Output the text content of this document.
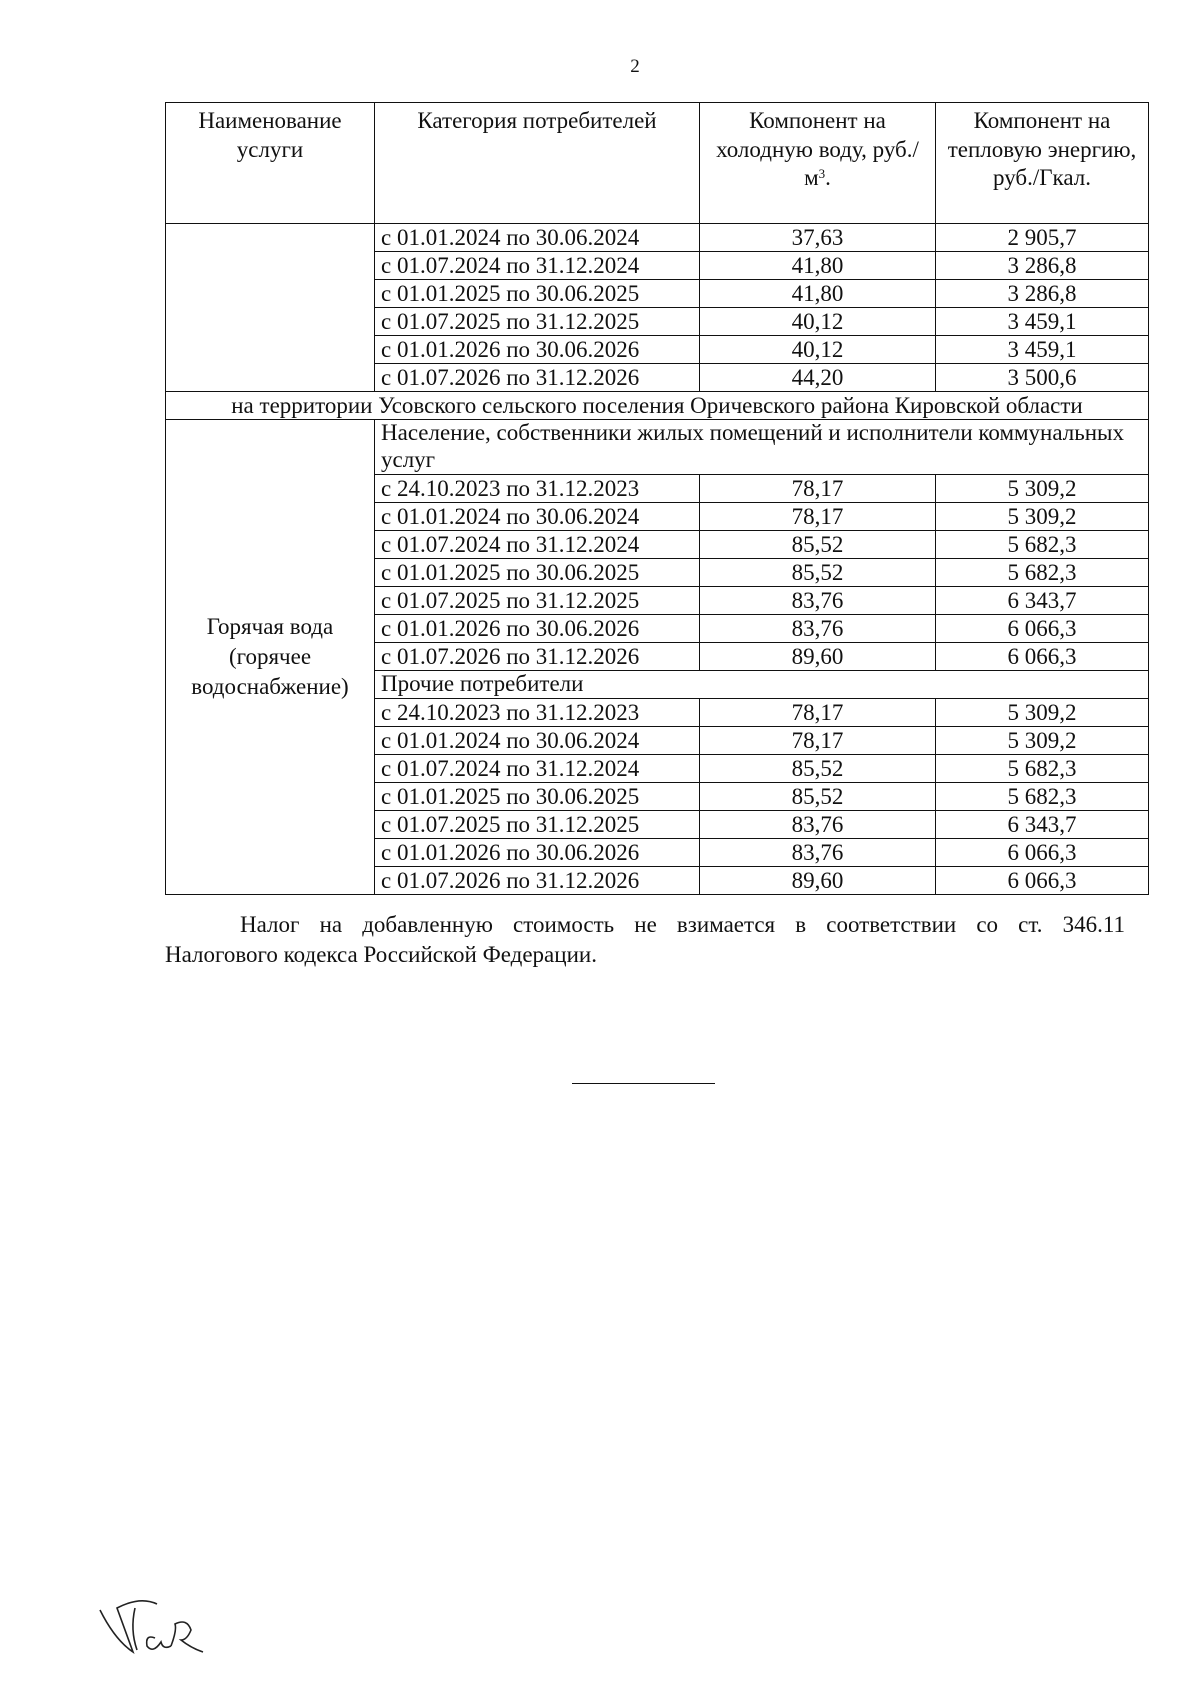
2
Наименование услуги	Категория потребителей	Компонент на холодную воду, $руб./м^3$.	Компонент на тепловую энергию, руб./Гкал.
	с 01.01.2024 по 30.06.2024	37,63	2 905,7
	с 01.07.2024 по 31.12.2024	41,80	3 286,8
	с 01.01.2025 по 30.06.2025	41,80	3 286,8
	с 01.07.2025 по 31.12.2025	40,12	3 459,1
	с 01.01.2026 по 30.06.2026	40,12	3 459,1
	с 01.07.2026 по 31.12.2026	44,20	3 500,6
на территории Усовского сельского поселения Оричевского района Кировской области			
Горячая вода (горячее водоснабжение)	Население, собственники жилых помещений и исполнители коммунальных услуг		
	с 24.10.2023 по 31.12.2023	78,17	5 309,2
	с 01.01.2024 по 30.06.2024	78,17	5 309,2
	с 01.07.2024 по 31.12.2024	85,52	5 682,3
	с 01.01.2025 по 30.06.2025	85,52	5 682,3
	с 01.07.2025 по 31.12.2025	83,76	6 343,7
	с 01.01.2026 по 30.06.2026	83,76	6 066,3
	с 01.07.2026 по 31.12.2026	89,60	6 066,3
	Прочие потребители		
	с 24.10.2023 по 31.12.2023	78,17	5 309,2
	с 01.01.2024 по 30.06.2024	78,17	5 309,2
	с 01.07.2024 по 31.12.2024	85,52	5 682,3
	с 01.01.2025 по 30.06.2025	85,52	5 682,3
	с 01.07.2025 по 31.12.2025	83,76	6 343,7
	с 01.01.2026 по 30.06.2026	83,76	6 066,3
	с 01.07.2026 по 31.12.2026	89,60	6 066,3
Налог на добавленную стоимость не взимается в соответствии со ст. 346.11
Налогового кодекса Российской Федерации.
